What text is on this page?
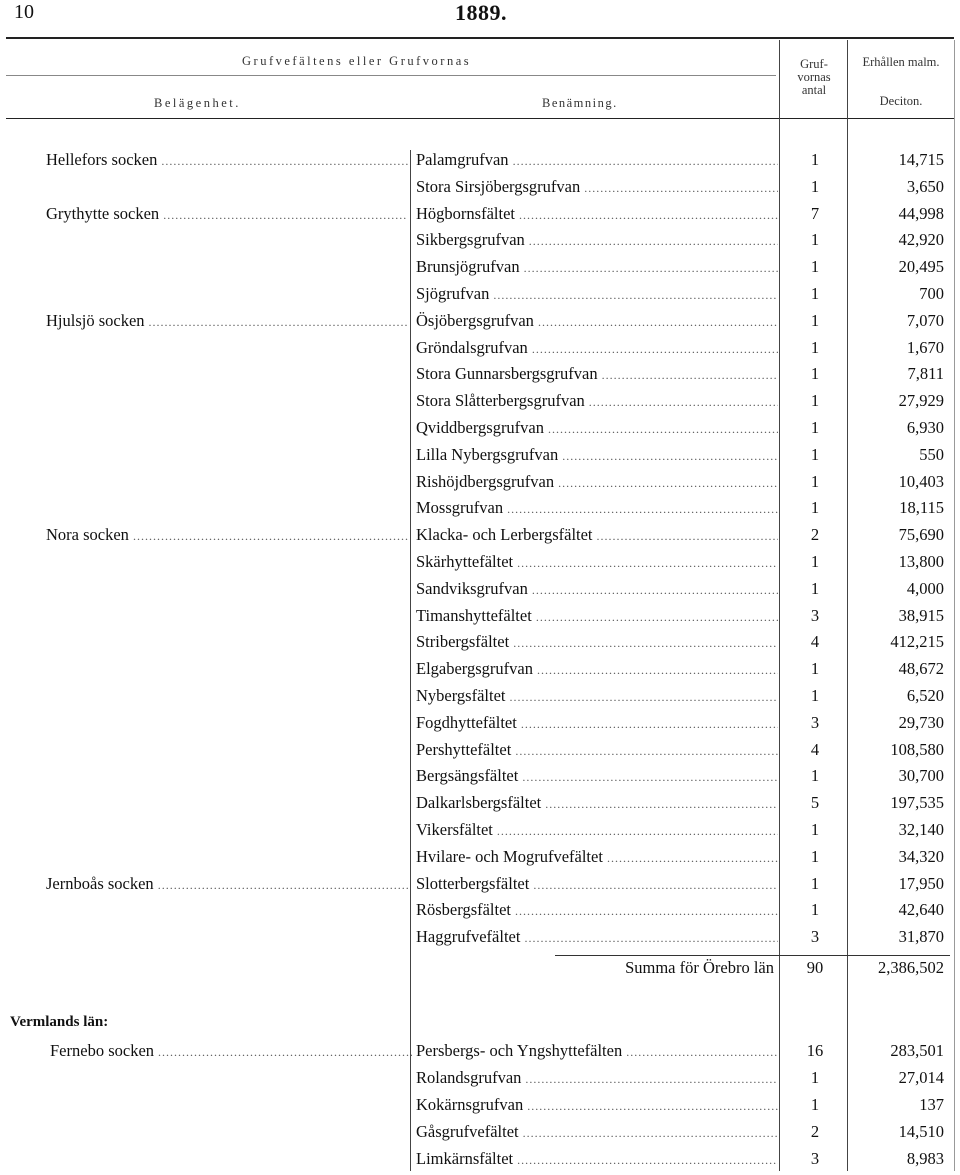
10	1889.
Grufvefältens eller Grufvornas
Belägenhet.	Benämning.
Gruf-
vornas
antal
Erhållen malm.
Deciton.
Hellefors socken .....	Palamgrufvan .....	1	14,715
Stora Sirsjöbergsgrufvan .....	1	3,650
Grythytte socken .....	Högbornsfältet .....	7	44,998
Sikbergsgrufvan .....	1	42,920
Brunsjögrufvan .....	1	20,495
Sjögrufvan .....	1	700
Hjulsjö socken .....	Ösjöbergsgrufvan .....	1	7,070
Gröndalsgrufvan .....	1	1,670
Stora Gunnarsbergsgrufvan .....	1	7,811
Stora Slåtterbergsgrufvan .....	1	27,929
Qviddbergsgrufvan .....	1	6,930
Lilla Nybergsgrufvan .....	1	550
Rishöjdbergsgrufvan .....	1	10,403
Mossgrufvan .....	1	18,115
Nora socken .....	Klacka- och Lerbergsfältet .....	2	75,690
Skärhyttefältet .....	1	13,800
Sandviksgrufvan .....	1	4,000
Timanshyttefältet .....	3	38,915
Stribergsfältet .....	4	412,215
Elgabergsgrufvan .....	1	48,672
Nybergsfältet .....	1	6,520
Fogdhyttefältet .....	3	29,730
Pershyttefältet .....	4	108,580
Bergsängsfältet .....	1	30,700
Dalkarlsbergsfältet .....	5	197,535
Vikersfältet .....	1	32,140
Hvilare- och Mogrufvefältet .....	1	34,320
Jernboås socken .....	Slotterbergsfältet .....	1	17,950
Rösbergsfältet .....	1	42,640
Haggrufvefältet .....	3	31,870
Summa för Örebro län	90	2,386,502
Vermlands län:
Fernebo socken .....	Persbergs- och Yngshyttefälten .....	16	283,501
Rolandsgrufvan .....	1	27,014
Kokärnsgrufvan .....	1	137
Gåsgrufvefältet .....	2	14,510
Limkärnsfältet .....	3	8,983
